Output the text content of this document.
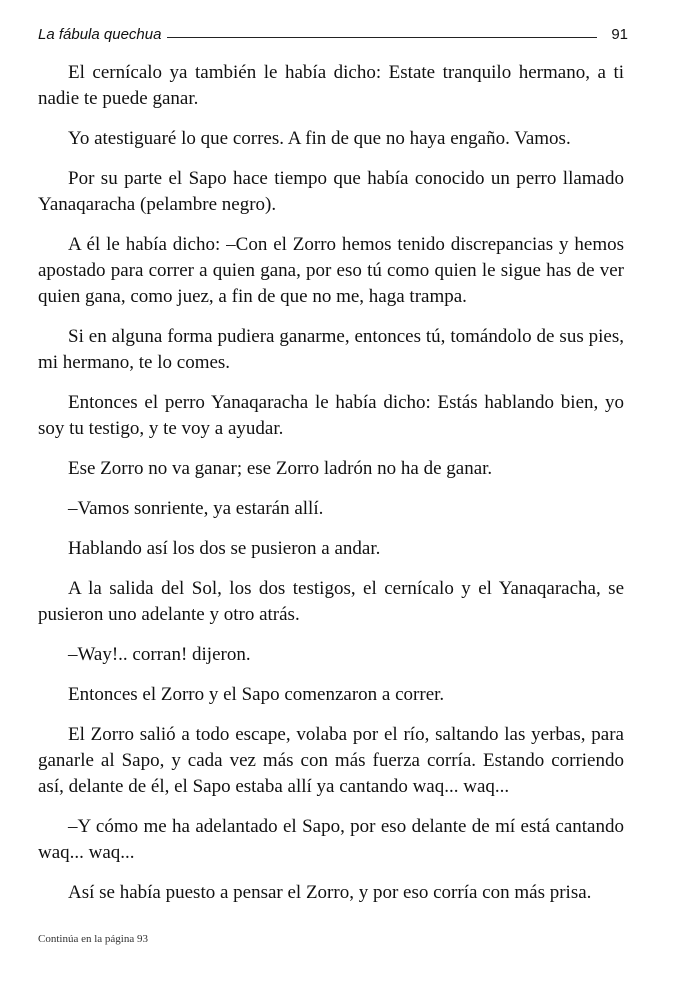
La fábula quechua	91

El cernícalo ya también le había dicho: Estate tranquilo hermano, a ti nadie te puede ganar.

Yo atestiguaré lo que corres. A fin de que no haya engaño. Vamos.

Por su parte el Sapo hace tiempo que había conocido un perro llamado Yanaqaracha (pelambre negro).

A él le había dicho: –Con el Zorro hemos tenido discrepancias y hemos apostado para correr a quien gana, por eso tú como quien le sigue has de ver quien gana, como juez, a fin de que no me, haga trampa.

Si en alguna forma pudiera ganarme, entonces tú, tomándolo de sus pies, mi hermano, te lo comes.

Entonces el perro Yanaqaracha le había dicho: Estás hablando bien, yo soy tu testigo, y te voy a ayudar.

Ese Zorro no va ganar; ese Zorro ladrón no ha de ganar.

–Vamos sonriente, ya estarán allí.

Hablando así los dos se pusieron a andar.

A la salida del Sol, los dos testigos, el cernícalo y el Yanaqaracha, se pusieron uno adelante y otro atrás.

–Way!.. corran! dijeron.

Entonces el Zorro y el Sapo comenzaron a correr.

El Zorro salió a todo escape, volaba por el río, saltando las yerbas, para ganarle al Sapo, y cada vez más con más fuerza corría. Estando corriendo así, delante de él, el Sapo estaba allí ya cantando waq... waq...

–Y cómo me ha adelantado el Sapo, por eso delante de mí está cantando waq... waq...

Así se había puesto a pensar el Zorro, y por eso corría con más prisa.

Continúa en la página 93
